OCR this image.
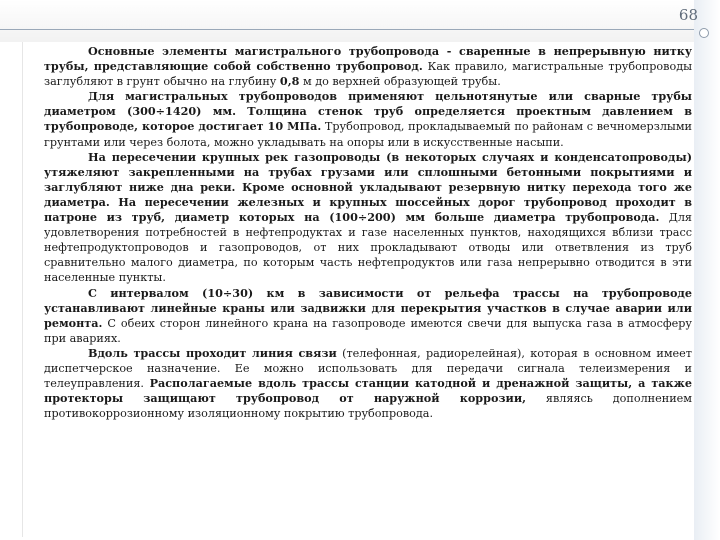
68

Основные элементы магистрального трубопровода - сваренные в непрерывную нитку трубы, представляющие собой собственно трубопровод. Как правило, магистральные трубопроводы заглубляют в грунт обычно на глубину 0,8 м до верхней образующей трубы.

Для магистральных трубопроводов применяют цельнотянутые или сварные трубы диаметром (300÷1420) мм. Толщина стенок труб определяется проектным давлением в трубопроводе, которое достигает 10 МПа. Трубопровод, прокладываемый по районам с вечномерзлыми грунтами или через болота, можно укладывать на опоры или в искусственные насыпи.

На пересечении крупных рек газопроводы (в некоторых случаях и конденсатопроводы) утяжеляют закрепленными на трубах грузами или сплошными бетонными покрытиями и заглубляют ниже дна реки. Кроме основной укладывают резервную нитку перехода того же диаметра. На пересечении железных и крупных шоссейных дорог трубопровод проходит в патроне из труб, диаметр которых на (100÷200) мм больше диаметра трубопровода. Для удовлетворения потребностей в нефтепродуктах и газе населенных пунктов, находящихся вблизи трасс нефтепродуктопроводов и газопроводов, от них прокладывают отводы или ответвления из труб сравнительно малого диаметра, по которым часть нефтепродуктов или газа непрерывно отводится в эти населенные пункты.

С интервалом (10÷30) км в зависимости от рельефа трассы на трубопроводе устанавливают линейные краны или задвижки для перекрытия участков в случае аварии или ремонта. С обеих сторон линейного крана на газопроводе имеются свечи для выпуска газа в атмосферу при авариях.

Вдоль трассы проходит линия связи (телефонная, радиорелейная), которая в основном имеет диспетчерское назначение. Ее можно использовать для передачи сигнала телеизмерения и телеуправления. Располагаемые вдоль трассы станции катодной и дренажной защиты, а также протекторы защищают трубопровод от наружной коррозии, являясь дополнением противокоррозионному изоляционному покрытию трубопровода.
